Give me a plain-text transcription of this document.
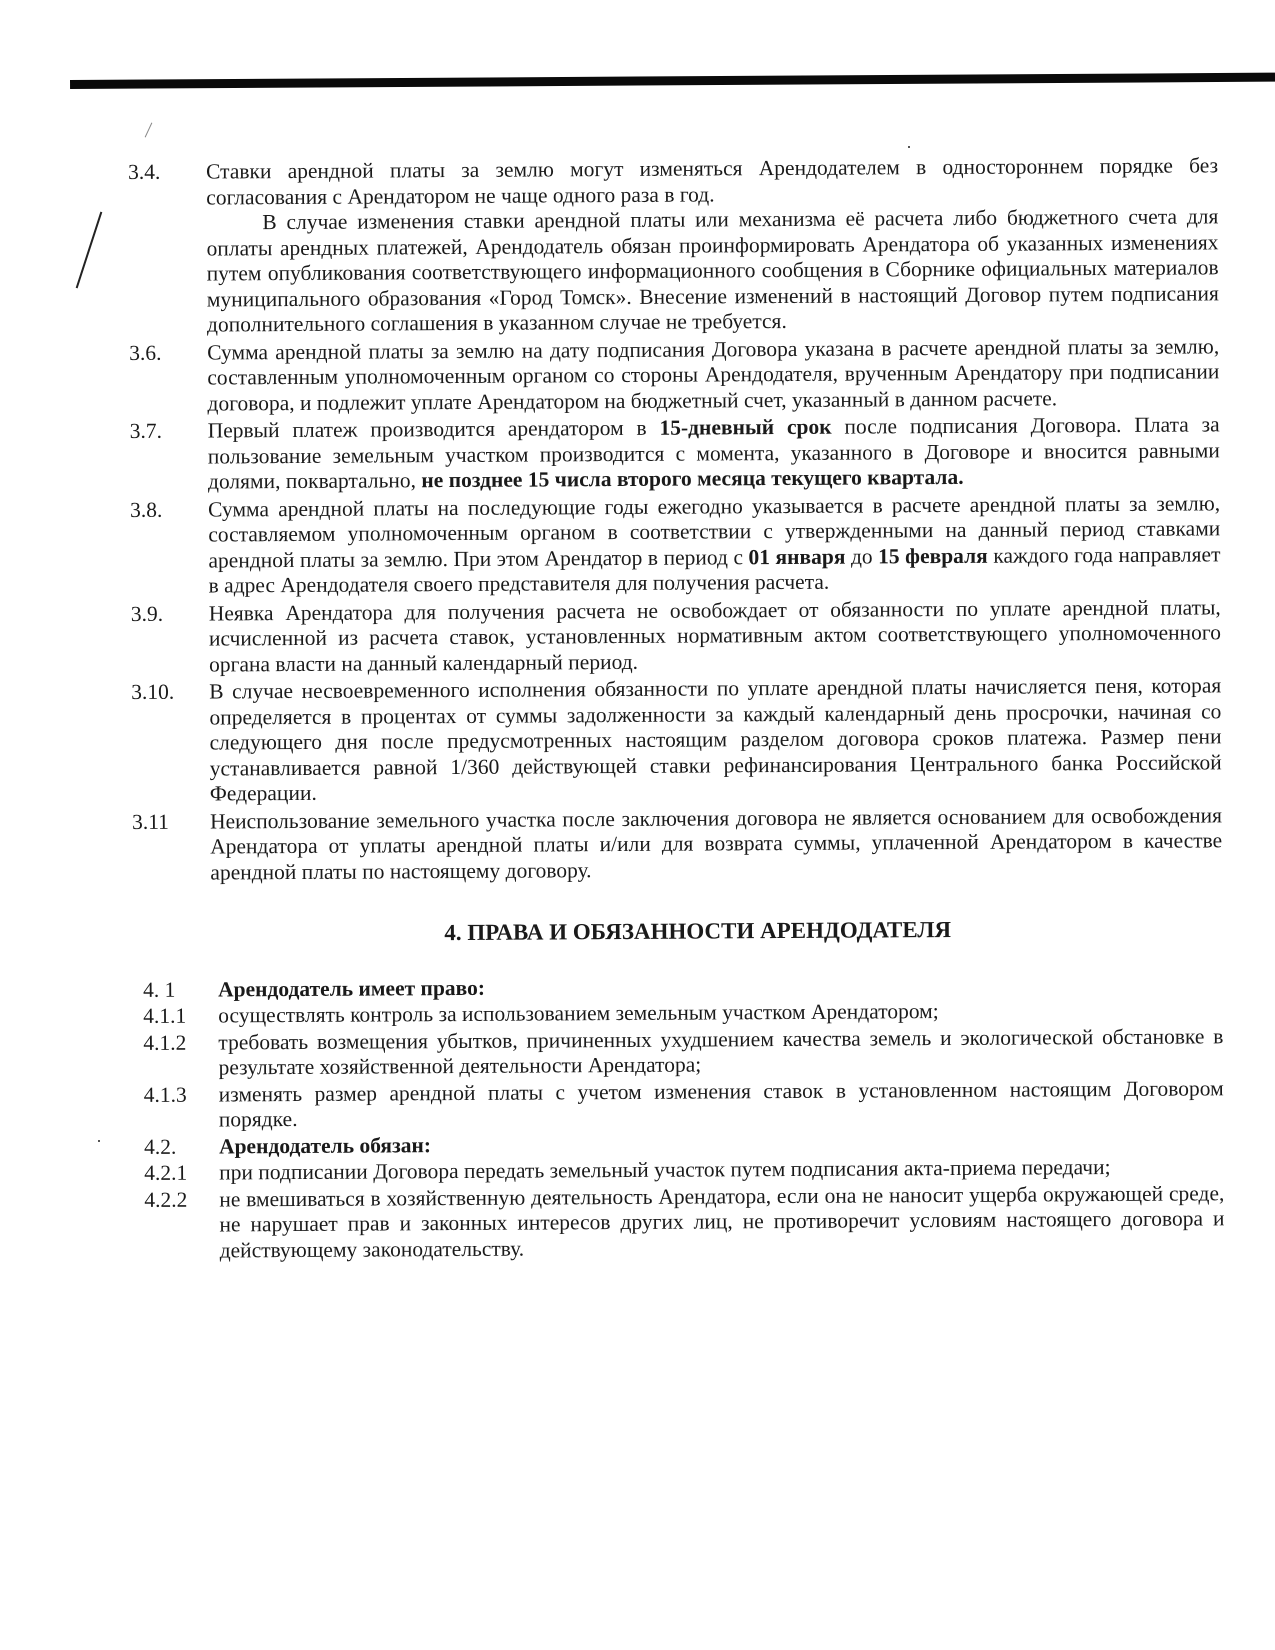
3.4.	Ставки арендной платы за землю могут изменяться Арендодателем в одностороннем порядке без согласования с Арендатором не чаще одного раза в год.

В случае изменения ставки арендной платы или механизма её расчета либо бюджетного счета для оплаты арендных платежей, Арендодатель обязан проинформировать Арендатора об указанных изменениях путем опубликования соответствующего информационного сообщения в Сборнике официальных материалов муниципального образования «Город Томск». Внесение изменений в настоящий Договор путем подписания дополнительного соглашения в указанном случае не требуется.

3.6.	Сумма арендной платы за землю на дату подписания Договора указана в расчете арендной платы за землю, составленным уполномоченным органом со стороны Арендодателя, врученным Арендатору при подписании договора, и подлежит уплате Арендатором на бюджетный счет, указанный в данном расчете.
3.7.	Первый платеж производится арендатором в 15-дневный срок после подписания Договора. Плата за пользование земельным участком производится с момента, указанного в Договоре и вносится равными долями, поквартально, не позднее 15 числа второго месяца текущего квартала.
3.8.	Сумма арендной платы на последующие годы ежегодно указывается в расчете арендной платы за землю, составляемом уполномоченным органом в соответствии с утвержденными на данный период ставками арендной платы за землю. При этом Арендатор в период с 01 января до 15 февраля каждого года направляет в адрес Арендодателя своего представителя для получения расчета.
3.9.	Неявка Арендатора для получения расчета не освобождает от обязанности по уплате арендной платы, исчисленной из расчета ставок, установленных нормативным актом соответствующего уполномоченного органа власти на данный календарный период.
3.10.	В случае несвоевременного исполнения обязанности по уплате арендной платы начисляется пеня, которая определяется в процентах от суммы задолженности за каждый календарный день просрочки, начиная со следующего дня после предусмотренных настоящим разделом договора сроков платежа. Размер пени устанавливается равной 1/360 действующей ставки рефинансирования Центрального банка Российской Федерации.
3.11	Неиспользование земельного участка после заключения договора не является основанием для освобождения Арендатора от уплаты арендной платы и/или для возврата суммы, уплаченной Арендатором в качестве арендной платы по настоящему договору.
4. ПРАВА И ОБЯЗАННОСТИ АРЕНДОДАТЕЛЯ
4. 1	Арендодатель имеет право:
4.1.1	осуществлять контроль за использованием земельным участком Арендатором;
4.1.2	требовать возмещения убытков, причиненных ухудшением качества земель и экологической обстановке в результате хозяйственной деятельности Арендатора;
4.1.3	изменять размер арендной платы с учетом изменения ставок в установленном настоящим Договором порядке.
4.2.	Арендодатель обязан:
4.2.1	при подписании Договора передать земельный участок путем подписания акта-приема передачи;
4.2.2	не вмешиваться в хозяйственную деятельность Арендатора, если она не наносит ущерба окружающей среде, не нарушает прав и законных интересов других лиц, не противоречит условиям настоящего договора и действующему законодательству.
